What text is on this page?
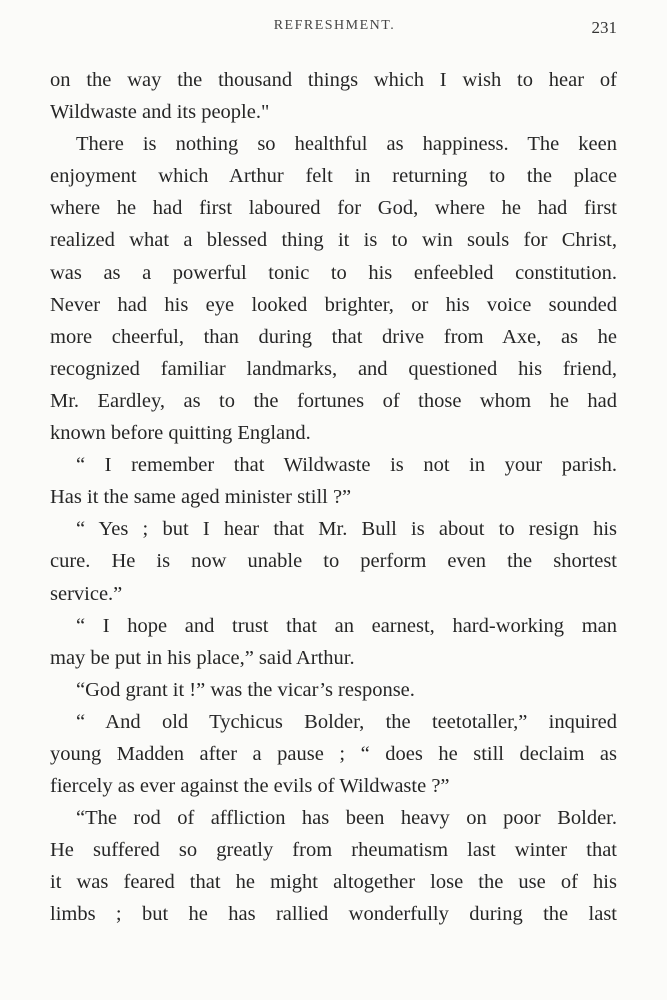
REFRESHMENT.	231
on the way the thousand things which I wish to hear of
Wildwaste and its people."
There is nothing so healthful as happiness. The keen
enjoyment which Arthur felt in returning to the place
where he had first laboured for God, where he had first
realized what a blessed thing it is to win souls for Christ,
was as a powerful tonic to his enfeebled constitution.
Never had his eye looked brighter, or his voice sounded
more cheerful, than during that drive from Axe, as he
recognized familiar landmarks, and questioned his friend,
Mr. Eardley, as to the fortunes of those whom he had
known before quitting England.
“ I remember that Wildwaste is not in your parish.
Has it the same aged minister still ?”
“ Yes ; but I hear that Mr. Bull is about to resign his
cure. He is now unable to perform even the shortest
service.”
“ I hope and trust that an earnest, hard-working man
may be put in his place,” said Arthur.
“God grant it !” was the vicar’s response.
“ And old Tychicus Bolder, the teetotaller,” inquired
young Madden after a pause ; “ does he still declaim as
fiercely as ever against the evils of Wildwaste ?”
“The rod of affliction has been heavy on poor Bolder.
He suffered so greatly from rheumatism last winter that
it was feared that he might altogether lose the use of his
limbs ; but he has rallied wonderfully during the last
